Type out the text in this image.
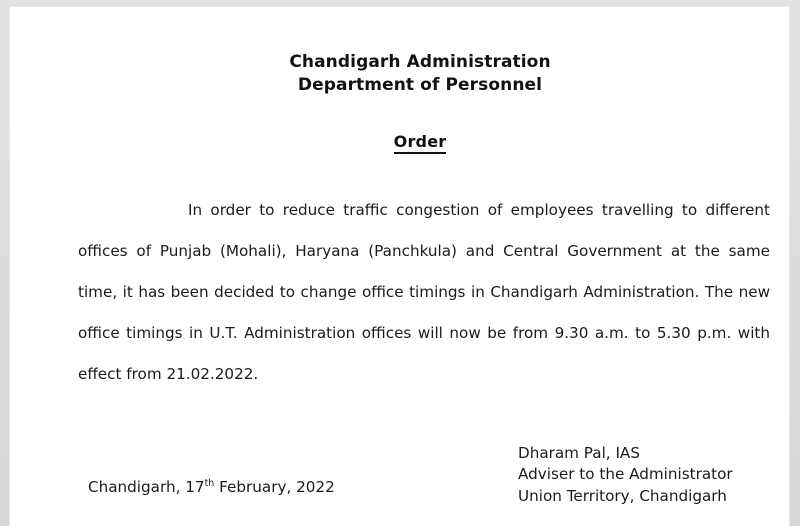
Chandigarh Administration
Department of Personnel
Order
In order to reduce traffic congestion of employees travelling to different offices of Punjab (Mohali), Haryana (Panchkula) and Central Government at the same time, it has been decided to change office timings in Chandigarh Administration. The new office timings in U.T. Administration offices will now be from 9.30 a.m. to 5.30 p.m. with effect from 21.02.2022.
Chandigarh, 17th February, 2022
Dharam Pal, IAS
Adviser to the Administrator
Union Territory, Chandigarh
